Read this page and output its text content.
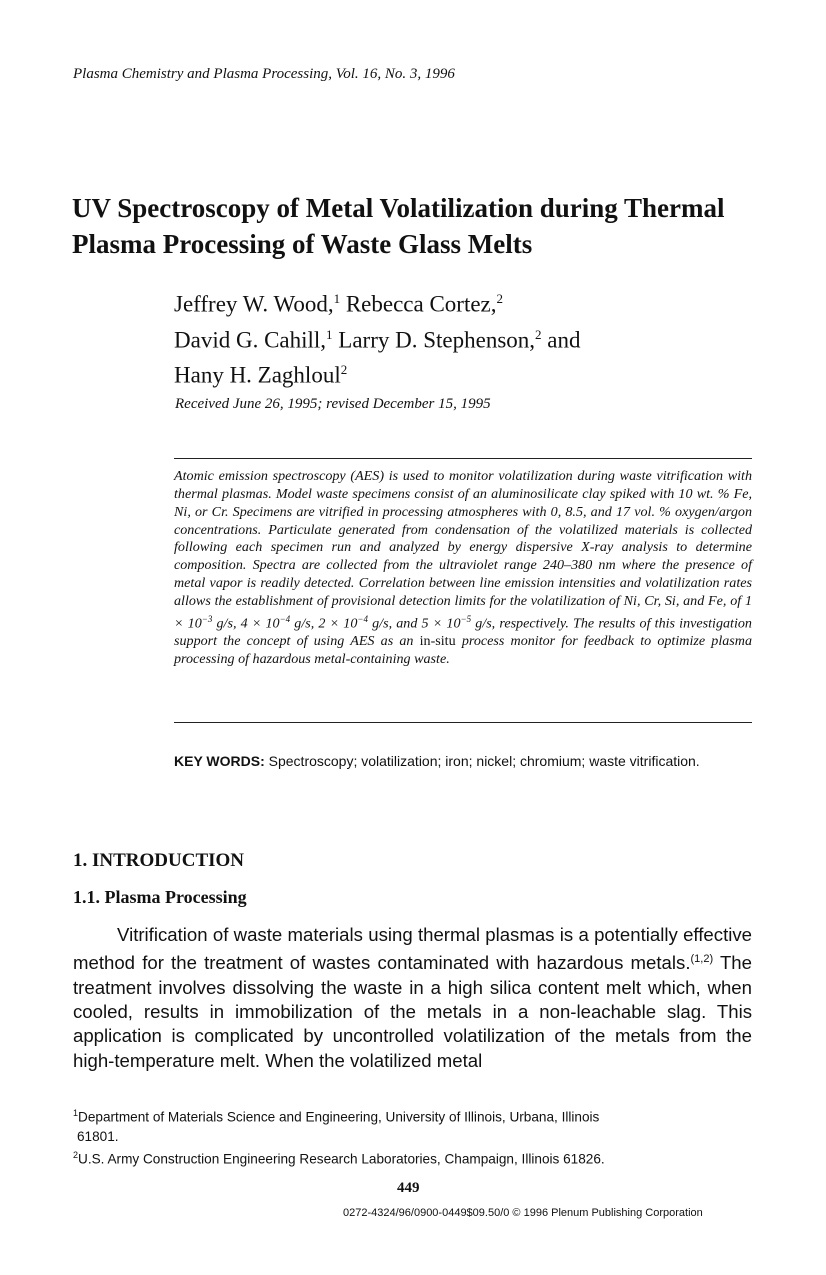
Plasma Chemistry and Plasma Processing, Vol. 16, No. 3, 1996
UV Spectroscopy of Metal Volatilization during Thermal Plasma Processing of Waste Glass Melts
Jeffrey W. Wood,$^1$ Rebecca Cortez,$^2$
David G. Cahill,$^1$ Larry D. Stephenson,$^2$ and
Hany H. Zaghloul$^2$
Received June 26, 1995; revised December 15, 1995
Atomic emission spectroscopy (AES) is used to monitor volatilization during waste vitrification with thermal plasmas. Model waste specimens consist of an aluminosilicate clay spiked with 10 wt. % Fe, Ni, or Cr. Specimens are vitrified in processing atmospheres with 0, 8.5, and 17 vol. % oxygen/argon concentrations. Particulate generated from condensation of the volatilized materials is collected following each specimen run and analyzed by energy dispersive X-ray analysis to determine composition. Spectra are collected from the ultraviolet range 240–380 nm where the presence of metal vapor is readily detected. Correlation between line emission intensities and volatilization rates allows the establishment of provisional detection limits for the volatilization of Ni, Cr, Si, and Fe, of $1 \times 10^{-3}$ g/s, $4 \times 10^{-4}$ g/s, $2 \times 10^{-4}$ g/s, and $5 \times 10^{-5}$ g/s, respectively. The results of this investigation support the concept of using AES as an in-situ process monitor for feedback to optimize plasma processing of hazardous metal-containing waste.
KEY WORDS: Spectroscopy; volatilization; iron; nickel; chromium; waste vitrification.
1. INTRODUCTION
1.1. Plasma Processing

Vitrification of waste materials using thermal plasmas is a potentially effective method for the treatment of wastes contaminated with hazardous metals.$^{(1,2)}$ The treatment involves dissolving the waste in a high silica content melt which, when cooled, results in immobilization of the metals in a non-leachable slag. This application is complicated by uncontrolled volatilization of the metals from the high-temperature melt. When the volatilized metal

$^1$Department of Materials Science and Engineering, University of Illinois, Urbana, Illinois

61801.

$^2$U.S. Army Construction Engineering Research Laboratories, Champaign, Illinois 61826.

449
0272-4324/96/0900-0449$09.50/0 © 1996 Plenum Publishing Corporation
